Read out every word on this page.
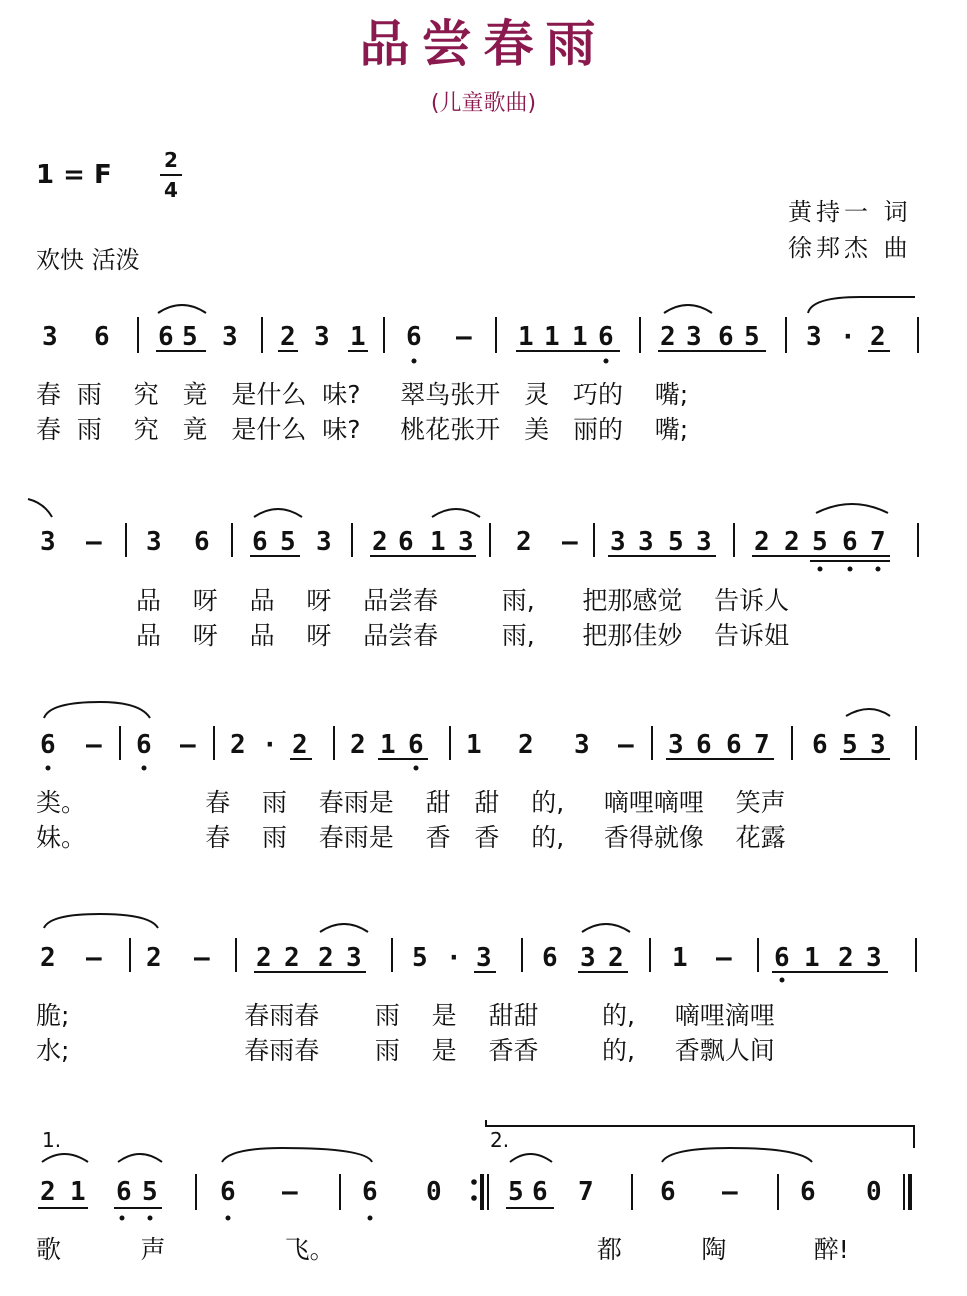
品尝春雨
(儿童歌曲)
1 = F	2
4
欢快 活泼
黄持一 词
徐邦杰 曲
3 6 6 5 3 2 3 1 6 – 1 1 1 6 2 3 6 5 3 · 2
春  雨    究   竟   是什么  味?     翠鸟张开   灵   巧的    嘴;
春  雨    究   竟   是什么  味?     桃花张开   美   丽的    嘴;
3 – 3 6 6 5 3 2 6 1 3 2 – 3 3 5 3 2 2 5 6 7
品    呀    品    呀    品尝春        雨,      把那感觉    告诉人
品    呀    品    呀    品尝春        雨,      把那佳妙    告诉姐
6 – 6 – 2 · 2 2 1 6 1 2 3 – 3 6 6 7 6 5 3
类。               春    雨    春雨是    甜   甜    的,     嘀哩嘀哩    笑声
妹。               春    雨    春雨是    香   香    的,     香得就像    花露
2 – 2 – 2 2 2 3 5 · 3 6 3 2 1 – 6 1 2 3
脆;                      春雨春       雨    是    甜甜        的,     嘀哩滴哩
水;                      春雨春       雨    是    香香        的,     香飘人间
1.	2.
2 1 6 5 6 – 6 0	5 6 7	6 – 6 0
歌          声               飞。                                 都          陶           醉!
